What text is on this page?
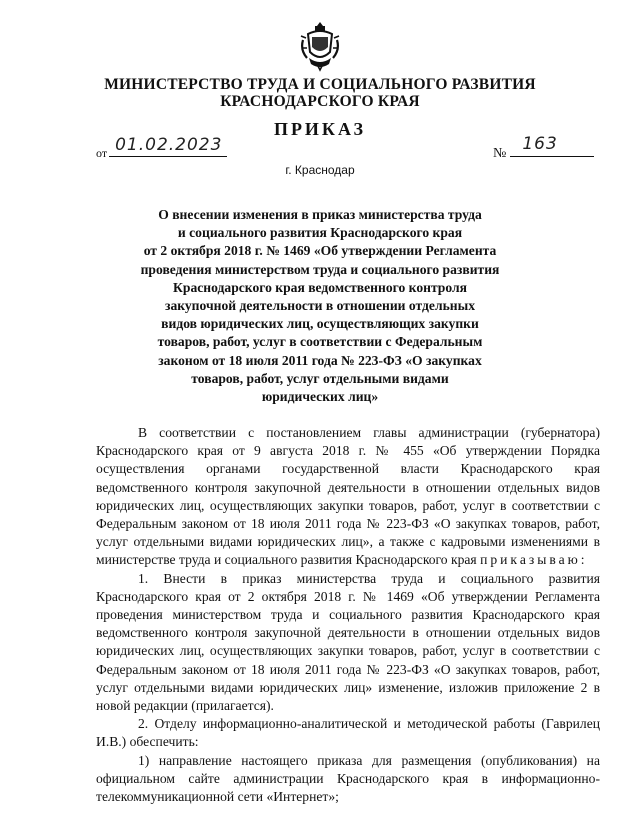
МИНИСТЕРСТВО ТРУДА И СОЦИАЛЬНОГО РАЗВИТИЯ
КРАСНОДАРСКОГО КРАЯ
ПРИКАЗ
от 01.02.2023	№ 163
г. Краснодар
О внесении изменения в приказ министерства труда
и социального развития Краснодарского края
от 2 октября 2018 г. № 1469 «Об утверждении Регламента
проведения министерством труда и социального развития
Краснодарского края ведомственного контроля
закупочной деятельности в отношении отдельных
видов юридических лиц, осуществляющих закупки
товаров, работ, услуг в соответствии с Федеральным
законом от 18 июля 2011 года № 223-ФЗ «О закупках
товаров, работ, услуг отдельными видами
юридических лиц»

В соответствии с постановлением главы администрации (губернатора) Краснодарского края от 9 августа 2018 г. № 455 «Об утверждении Порядка осуществления органами государственной власти Краснодарского края ведомственного контроля закупочной деятельности в отношении отдельных видов юридических лиц, осуществляющих закупки товаров, работ, услуг в соответствии с Федеральным законом от 18 июля 2011 года № 223-ФЗ «О закупках товаров, работ, услуг отдельными видами юридических лиц», а также с кадровыми изменениями в министерстве труда и социального развития Краснодарского края приказываю:

1. Внести в приказ министерства труда и социального развития Краснодарского края от 2 октября 2018 г. № 1469 «Об утверждении Регламента проведения министерством труда и социального развития Краснодарского края ведомственного контроля закупочной деятельности в отношении отдельных видов юридических лиц, осуществляющих закупки товаров, работ, услуг в соответствии с Федеральным законом от 18 июля 2011 года № 223-ФЗ «О закупках товаров, работ, услуг отдельными видами юридических лиц» изменение, изложив приложение 2 в новой редакции (прилагается).

2. Отделу информационно-аналитической и методической работы (Гаврилец И.В.) обеспечить:

1) направление настоящего приказа для размещения (опубликования) на официальном сайте администрации Краснодарского края в информационно-телекоммуникационной сети «Интернет»;
